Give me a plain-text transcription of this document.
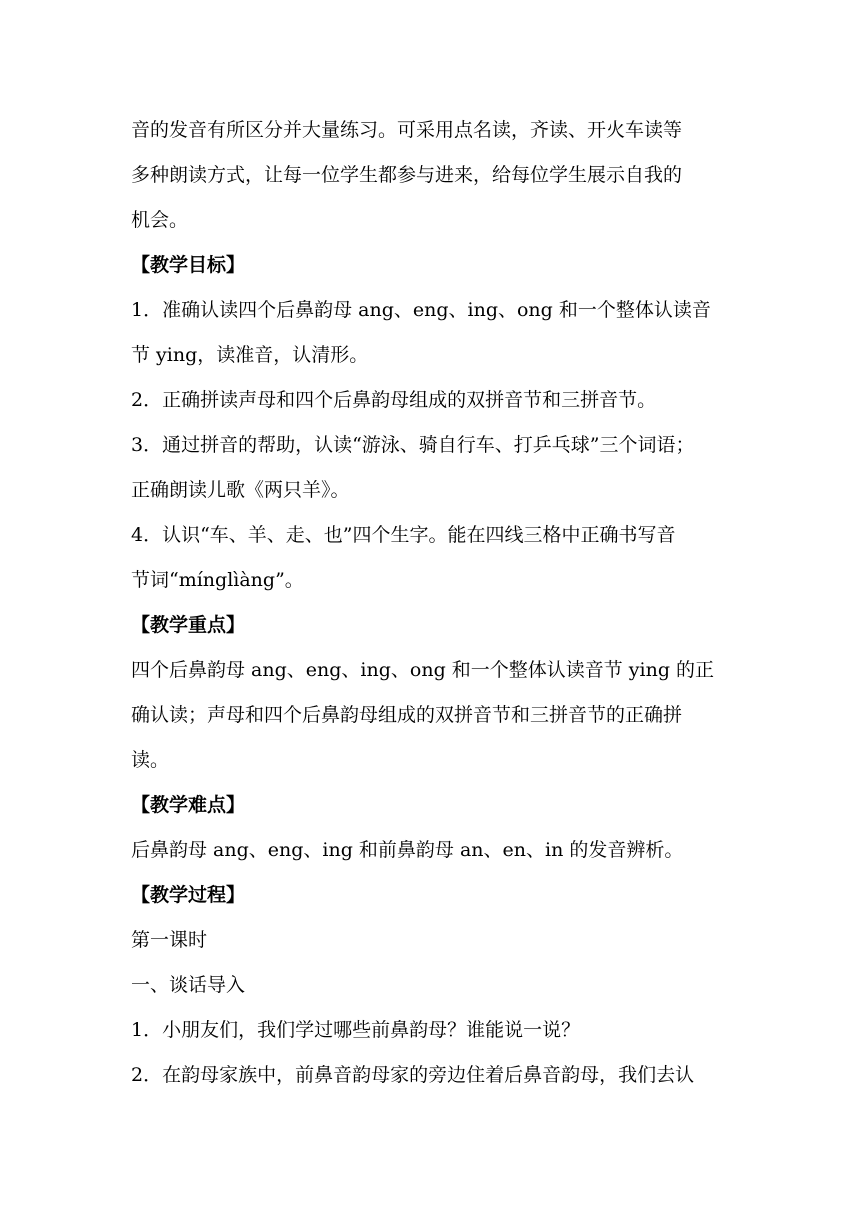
音的发音有所区分并大量练习。可采用点名读，齐读、开火车读等
多种朗读方式，让每一位学生都参与进来，给每位学生展示自我的
机会。
【教学目标】
1．准确认读四个后鼻韵母 ang、eng、ing、ong 和一个整体认读音
节 ying，读准音，认清形。
2．正确拼读声母和四个后鼻韵母组成的双拼音节和三拼音节。
3．通过拼音的帮助，认读“游泳、骑自行车、打乒乓球”三个词语；
正确朗读儿歌《两只羊》。
4．认识“车、羊、走、也”四个生字。能在四线三格中正确书写音
节词“mínglìàng”。
【教学重点】
四个后鼻韵母 ang、eng、ing、ong 和一个整体认读音节 ying 的正
确认读；声母和四个后鼻韵母组成的双拼音节和三拼音节的正确拼
读。
【教学难点】
后鼻韵母 ang、eng、ing 和前鼻韵母 an、en、in 的发音辨析。
【教学过程】
第一课时
一、谈话导入
1．小朋友们，我们学过哪些前鼻韵母？谁能说一说？
2．在韵母家族中，前鼻音韵母家的旁边住着后鼻音韵母，我们去认
